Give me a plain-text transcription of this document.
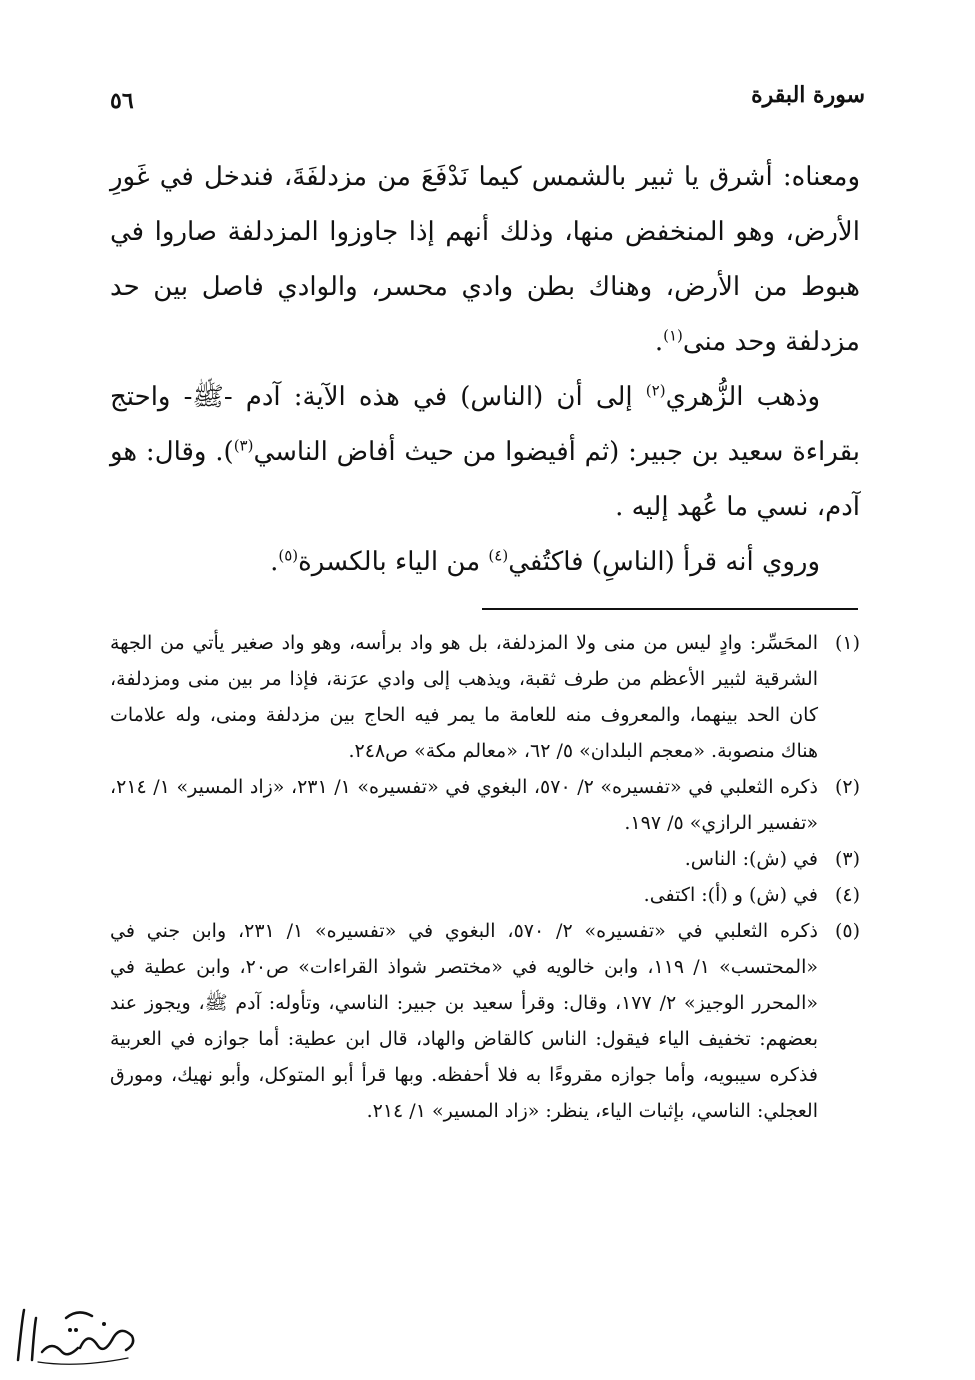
سورة البقرة
٥٦

ومعناه: أشرق يا ثبير بالشمس كيما نَدْفَعَ من مزدلفَةَ، فندخل في غَورِ الأرض، وهو المنخفض منها، وذلك أنهم إذا جاوزوا المزدلفة صاروا في هبوط من الأرض، وهناك بطن وادي محسر، والوادي فاصل بين حد مزدلفة وحد منى$^{(١)}$.

وذهب الزُّهري$^{(٢)}$ إلى أن (الناس) في هذه الآية: آدم -ﷺ- واحتج بقراءة سعيد بن جبير: (ثم أفيضوا من حيث أفاض الناسي$^{(٣)}$). وقال: هو آدم، نسي ما عُهد إليه .

وروي أنه قرأ (الناسِ) فاكتُفي$^{(٤)}$ من الياء بالكسرة$^{(٥)}$.

(١)
المحَسِّر: وادٍ ليس من منى ولا المزدلفة، بل هو واد برأسه، وهو واد صغير يأتي من الجهة الشرقية لثبير الأعظم من طرف ثقبة، ويذهب إلى وادي عرَنة، فإذا مر بين منى ومزدلفة، كان الحد بينهما، والمعروف منه للعامة ما يمر فيه الحاج بين مزدلفة ومنى، وله علامات هناك منصوبة. «معجم البلدان» ٥/ ٦٢، «معالم مكة» ص٢٤٨.
(٢)
ذكره الثعلبي في «تفسيره» ٢/ ٥٧٠، البغوي في «تفسيره» ١/ ٢٣١، «زاد المسير» ١/ ٢١٤، «تفسير الرازي» ٥/ ١٩٧.
(٣)
في (ش): الناس.
(٤)
في (ش) و (أ): اكتفى.
(٥)
ذكره الثعلبي في «تفسيره» ٢/ ٥٧٠، البغوي في «تفسيره» ١/ ٢٣١، وابن جني في «المحتسب» ١/ ١١٩، وابن خالويه في «مختصر شواذ القراءات» ص٢٠، وابن عطية في «المحرر الوجيز» ٢/ ١٧٧، وقال: وقرأ سعيد بن جبير: الناسي، وتأوله: آدم ﷺ، ويجوز عند بعضهم: تخفيف الياء فيقول: الناس كالقاض والهاد، قال ابن عطية: أما جوازه في العربية فذكره سيبويه، وأما جوازه مقروءًا به فلا أحفظه. وبها قرأ أبو المتوكل، وأبو نهيك، ومورق العجلي: الناسي، بإثبات الياء، ينظر: «زاد المسير» ١/ ٢١٤.
